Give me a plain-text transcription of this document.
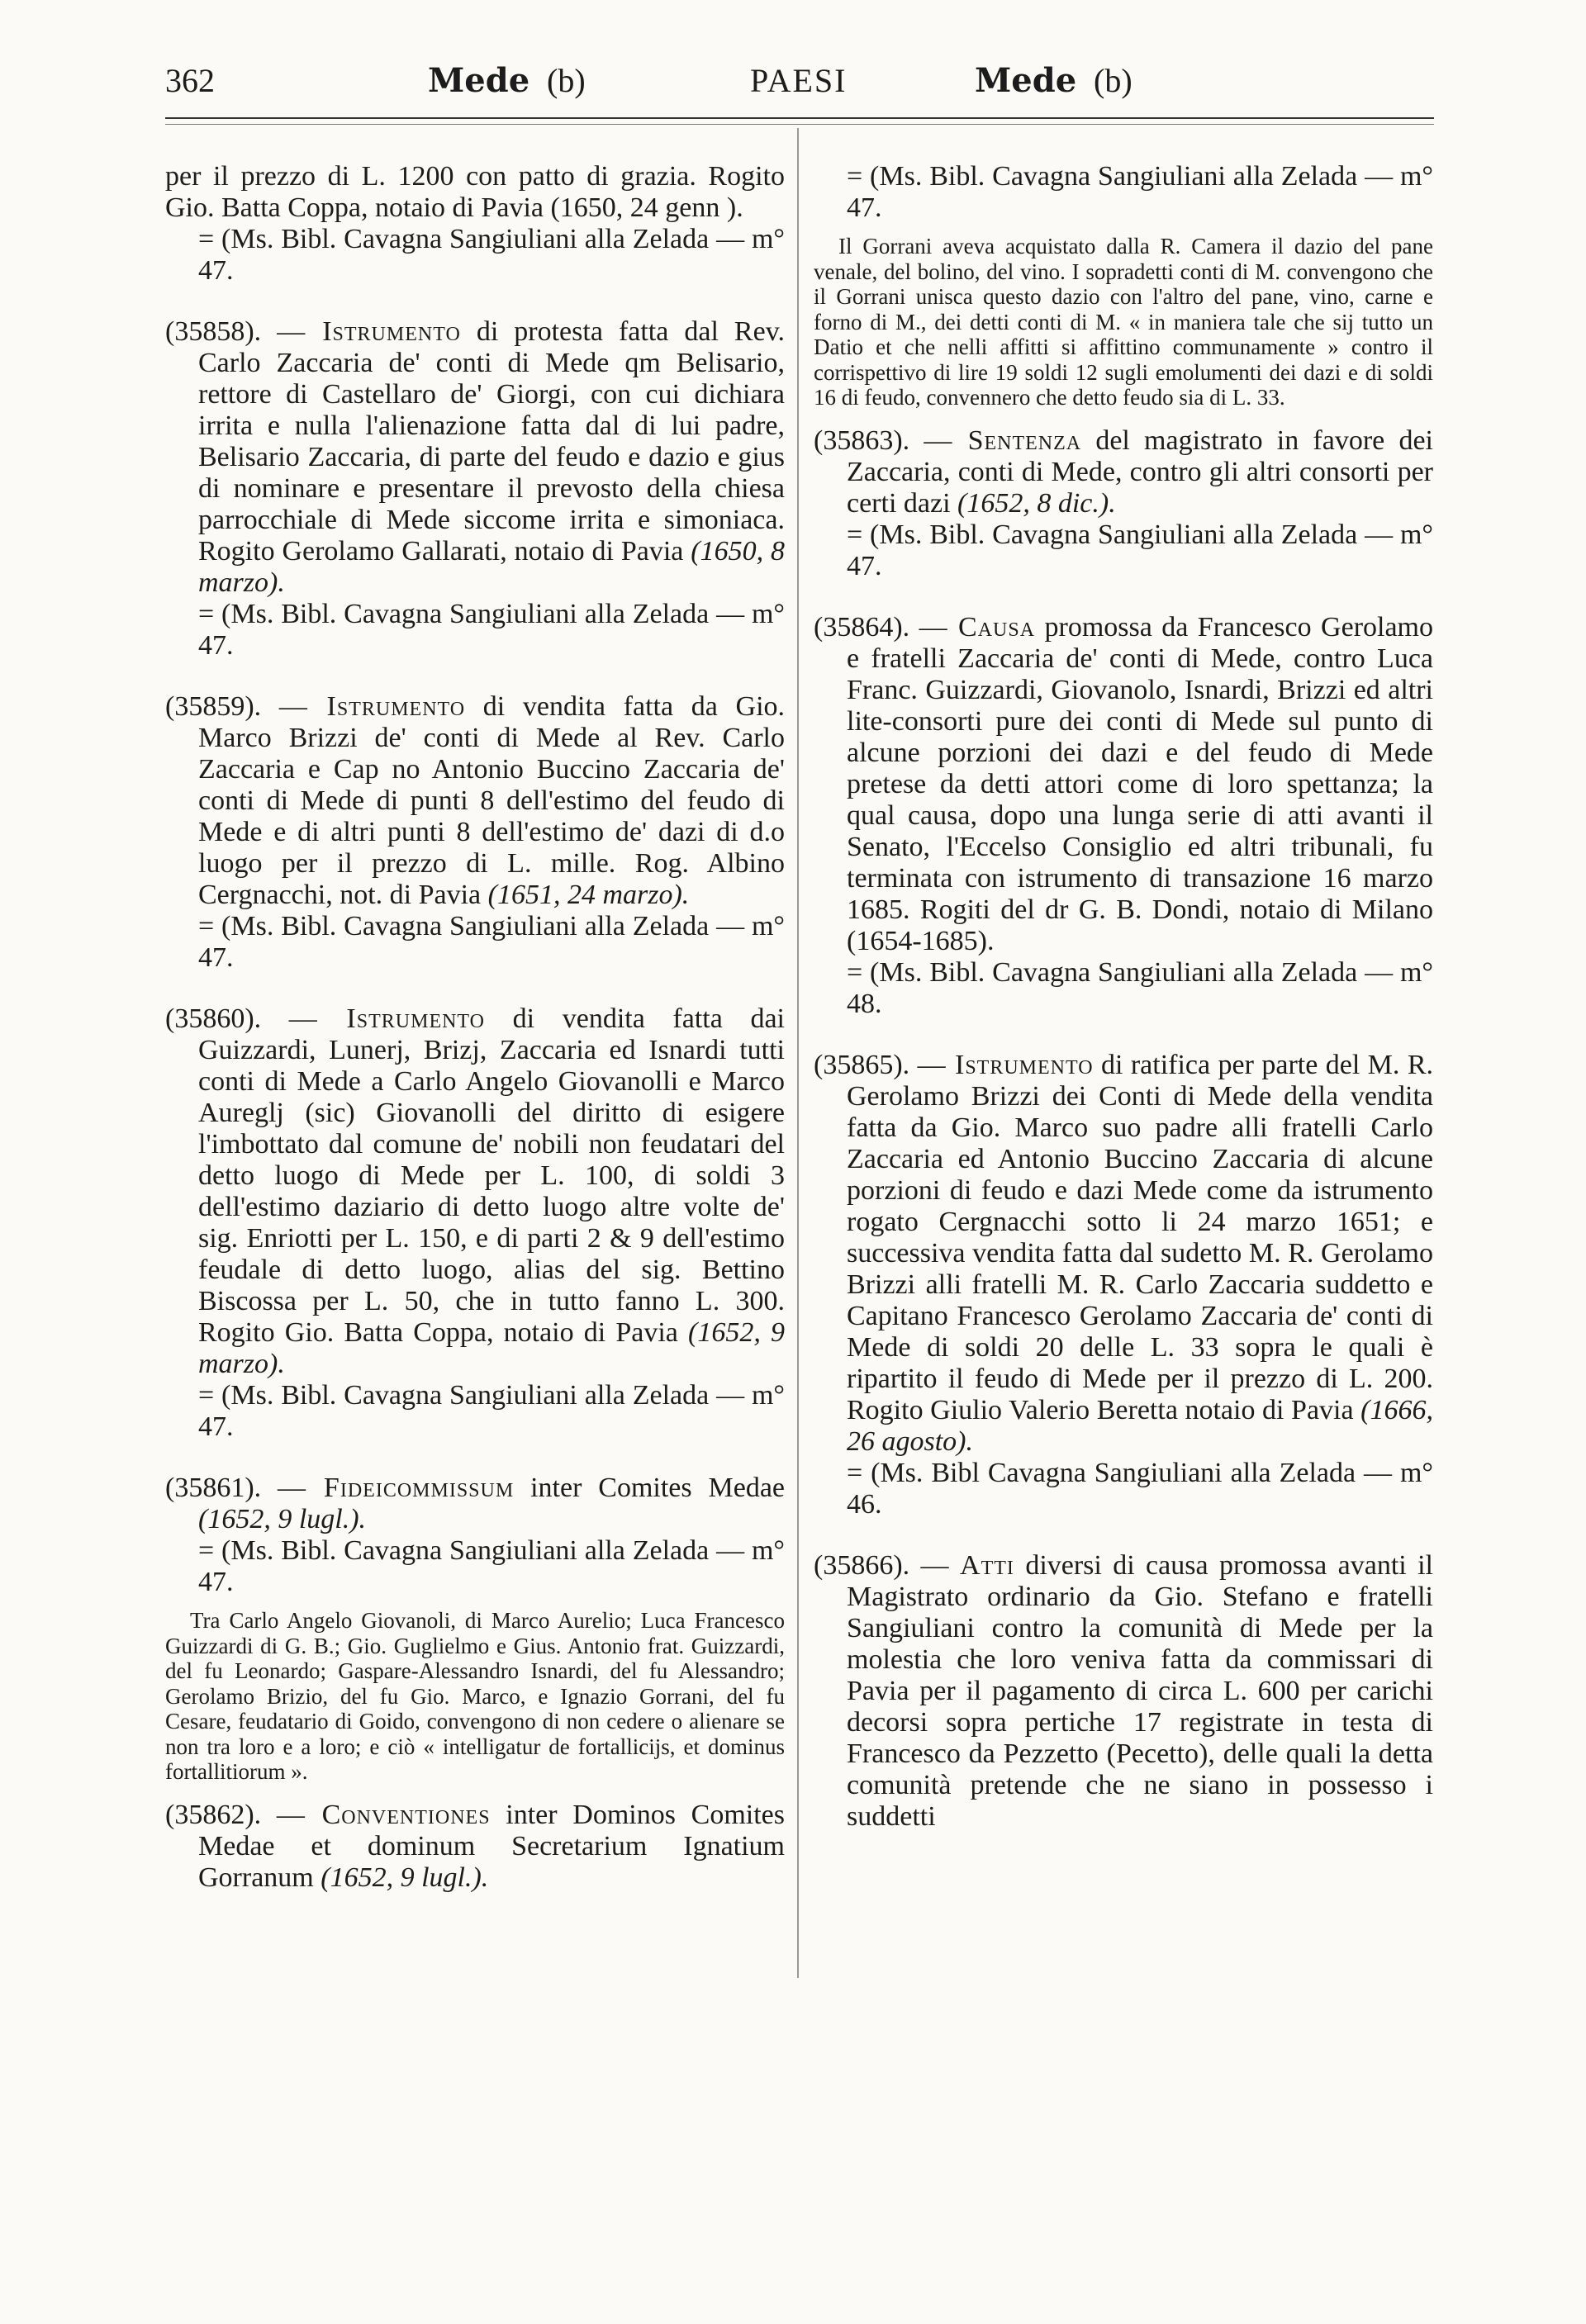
362	Mede (b)	PAESI	Mede (b)
per il prezzo di L. 1200 con patto di grazia. Rogito Gio. Batta Coppa, notaio di Pavia (1650, 24 genn ).
= (Ms. Bibl. Cavagna Sangiuliani alla Zelada — m° 47.
(35858). — Istrumento di protesta fatta dal Rev. Carlo Zaccaria de' conti di Mede qm Belisario, rettore di Castellaro de' Giorgi, con cui dichiara irrita e nulla l'alienazione fatta dal di lui padre, Belisario Zaccaria, di parte del feudo e dazio e gius di nominare e presentare il prevosto della chiesa parrocchiale di Mede siccome irrita e simoniaca. Rogito Gerolamo Gallarati, notaio di Pavia (1650, 8 marzo).
= (Ms. Bibl. Cavagna Sangiuliani alla Zelada — m° 47.
(35859). — Istrumento di vendita fatta da Gio. Marco Brizzi de' conti di Mede al Rev. Carlo Zaccaria e Cap no Antonio Buccino Zaccaria de' conti di Mede di punti 8 dell'estimo del feudo di Mede e di altri punti 8 dell'estimo de' dazi di d.o luogo per il prezzo di L. mille. Rog. Albino Cergnacchi, not. di Pavia (1651, 24 marzo).
= (Ms. Bibl. Cavagna Sangiuliani alla Zelada — m° 47.
(35860). — Istrumento di vendita fatta dai Guizzardi, Lunerj, Brizj, Zaccaria ed Isnardi tutti conti di Mede a Carlo Angelo Giovanolli e Marco Aureglj (sic) Giovanolli del diritto di esigere l'imbottato dal comune de' nobili non feudatari del detto luogo di Mede per L. 100, di soldi 3 dell'estimo daziario di detto luogo altre volte de' sig. Enriotti per L. 150, e di parti 2 & 9 dell'estimo feudale di detto luogo, alias del sig. Bettino Biscossa per L. 50, che in tutto fanno L. 300. Rogito Gio. Batta Coppa, notaio di Pavia (1652, 9 marzo).
= (Ms. Bibl. Cavagna Sangiuliani alla Zelada — m° 47.
(35861). — Fideicommissum inter Comites Medae (1652, 9 lugl.).
= (Ms. Bibl. Cavagna Sangiuliani alla Zelada — m° 47.
Tra Carlo Angelo Giovanoli, di Marco Aurelio; Luca Francesco Guizzardi di G. B.; Gio. Guglielmo e Gius. Antonio frat. Guizzardi, del fu Leonardo; Gaspare-Alessandro Isnardi, del fu Alessandro; Gerolamo Brizio, del fu Gio. Marco, e Ignazio Gorrani, del fu Cesare, feudatario di Goido, convengono di non cedere o alienare se non tra loro e a loro; e ciò « intelligatur de fortallicijs, et dominus fortallitiorum ».
(35862). — Conventiones inter Dominos Comites Medae et dominum Secretarium Ignatium Gorranum (1652, 9 lugl.).
= (Ms. Bibl. Cavagna Sangiuliani alla Zelada — m° 47.
Il Gorrani aveva acquistato dalla R. Camera il dazio del pane venale, del bolino, del vino. I sopradetti conti di M. convengono che il Gorrani unisca questo dazio con l'altro del pane, vino, carne e forno di M., dei detti conti di M. « in maniera tale che sij tutto un Datio et che nelli affitti si affittino communamente » contro il corrispettivo di lire 19 soldi 12 sugli emolumenti dei dazi e di soldi 16 di feudo, convennero che detto feudo sia di L. 33.
(35863). — Sentenza del magistrato in favore dei Zaccaria, conti di Mede, contro gli altri consorti per certi dazi (1652, 8 dic.).
= (Ms. Bibl. Cavagna Sangiuliani alla Zelada — m° 47.
(35864). — Causa promossa da Francesco Gerolamo e fratelli Zaccaria de' conti di Mede, contro Luca Franc. Guizzardi, Giovanolo, Isnardi, Brizzi ed altri lite-consorti pure dei conti di Mede sul punto di alcune porzioni dei dazi e del feudo di Mede pretese da detti attori come di loro spettanza; la qual causa, dopo una lunga serie di atti avanti il Senato, l'Eccelso Consiglio ed altri tribunali, fu terminata con istrumento di transazione 16 marzo 1685. Rogiti del dr G. B. Dondi, notaio di Milano (1654-1685).
= (Ms. Bibl. Cavagna Sangiuliani alla Zelada — m° 48.
(35865). — Istrumento di ratifica per parte del M. R. Gerolamo Brizzi dei Conti di Mede della vendita fatta da Gio. Marco suo padre alli fratelli Carlo Zaccaria ed Antonio Buccino Zaccaria di alcune porzioni di feudo e dazi Mede come da istrumento rogato Cergnacchi sotto li 24 marzo 1651; e successiva vendita fatta dal sudetto M. R. Gerolamo Brizzi alli fratelli M. R. Carlo Zaccaria suddetto e Capitano Francesco Gerolamo Zaccaria de' conti di Mede di soldi 20 delle L. 33 sopra le quali è ripartito il feudo di Mede per il prezzo di L. 200. Rogito Giulio Valerio Beretta notaio di Pavia (1666, 26 agosto).
= (Ms. Bibl Cavagna Sangiuliani alla Zelada — m° 46.
(35866). — Atti diversi di causa promossa avanti il Magistrato ordinario da Gio. Stefano e fratelli Sangiuliani contro la comunità di Mede per la molestia che loro veniva fatta da commissari di Pavia per il pagamento di circa L. 600 per carichi decorsi sopra pertiche 17 registrate in testa di Francesco da Pezzetto (Pecetto), delle quali la detta comunità pretende che ne siano in possesso i suddetti
